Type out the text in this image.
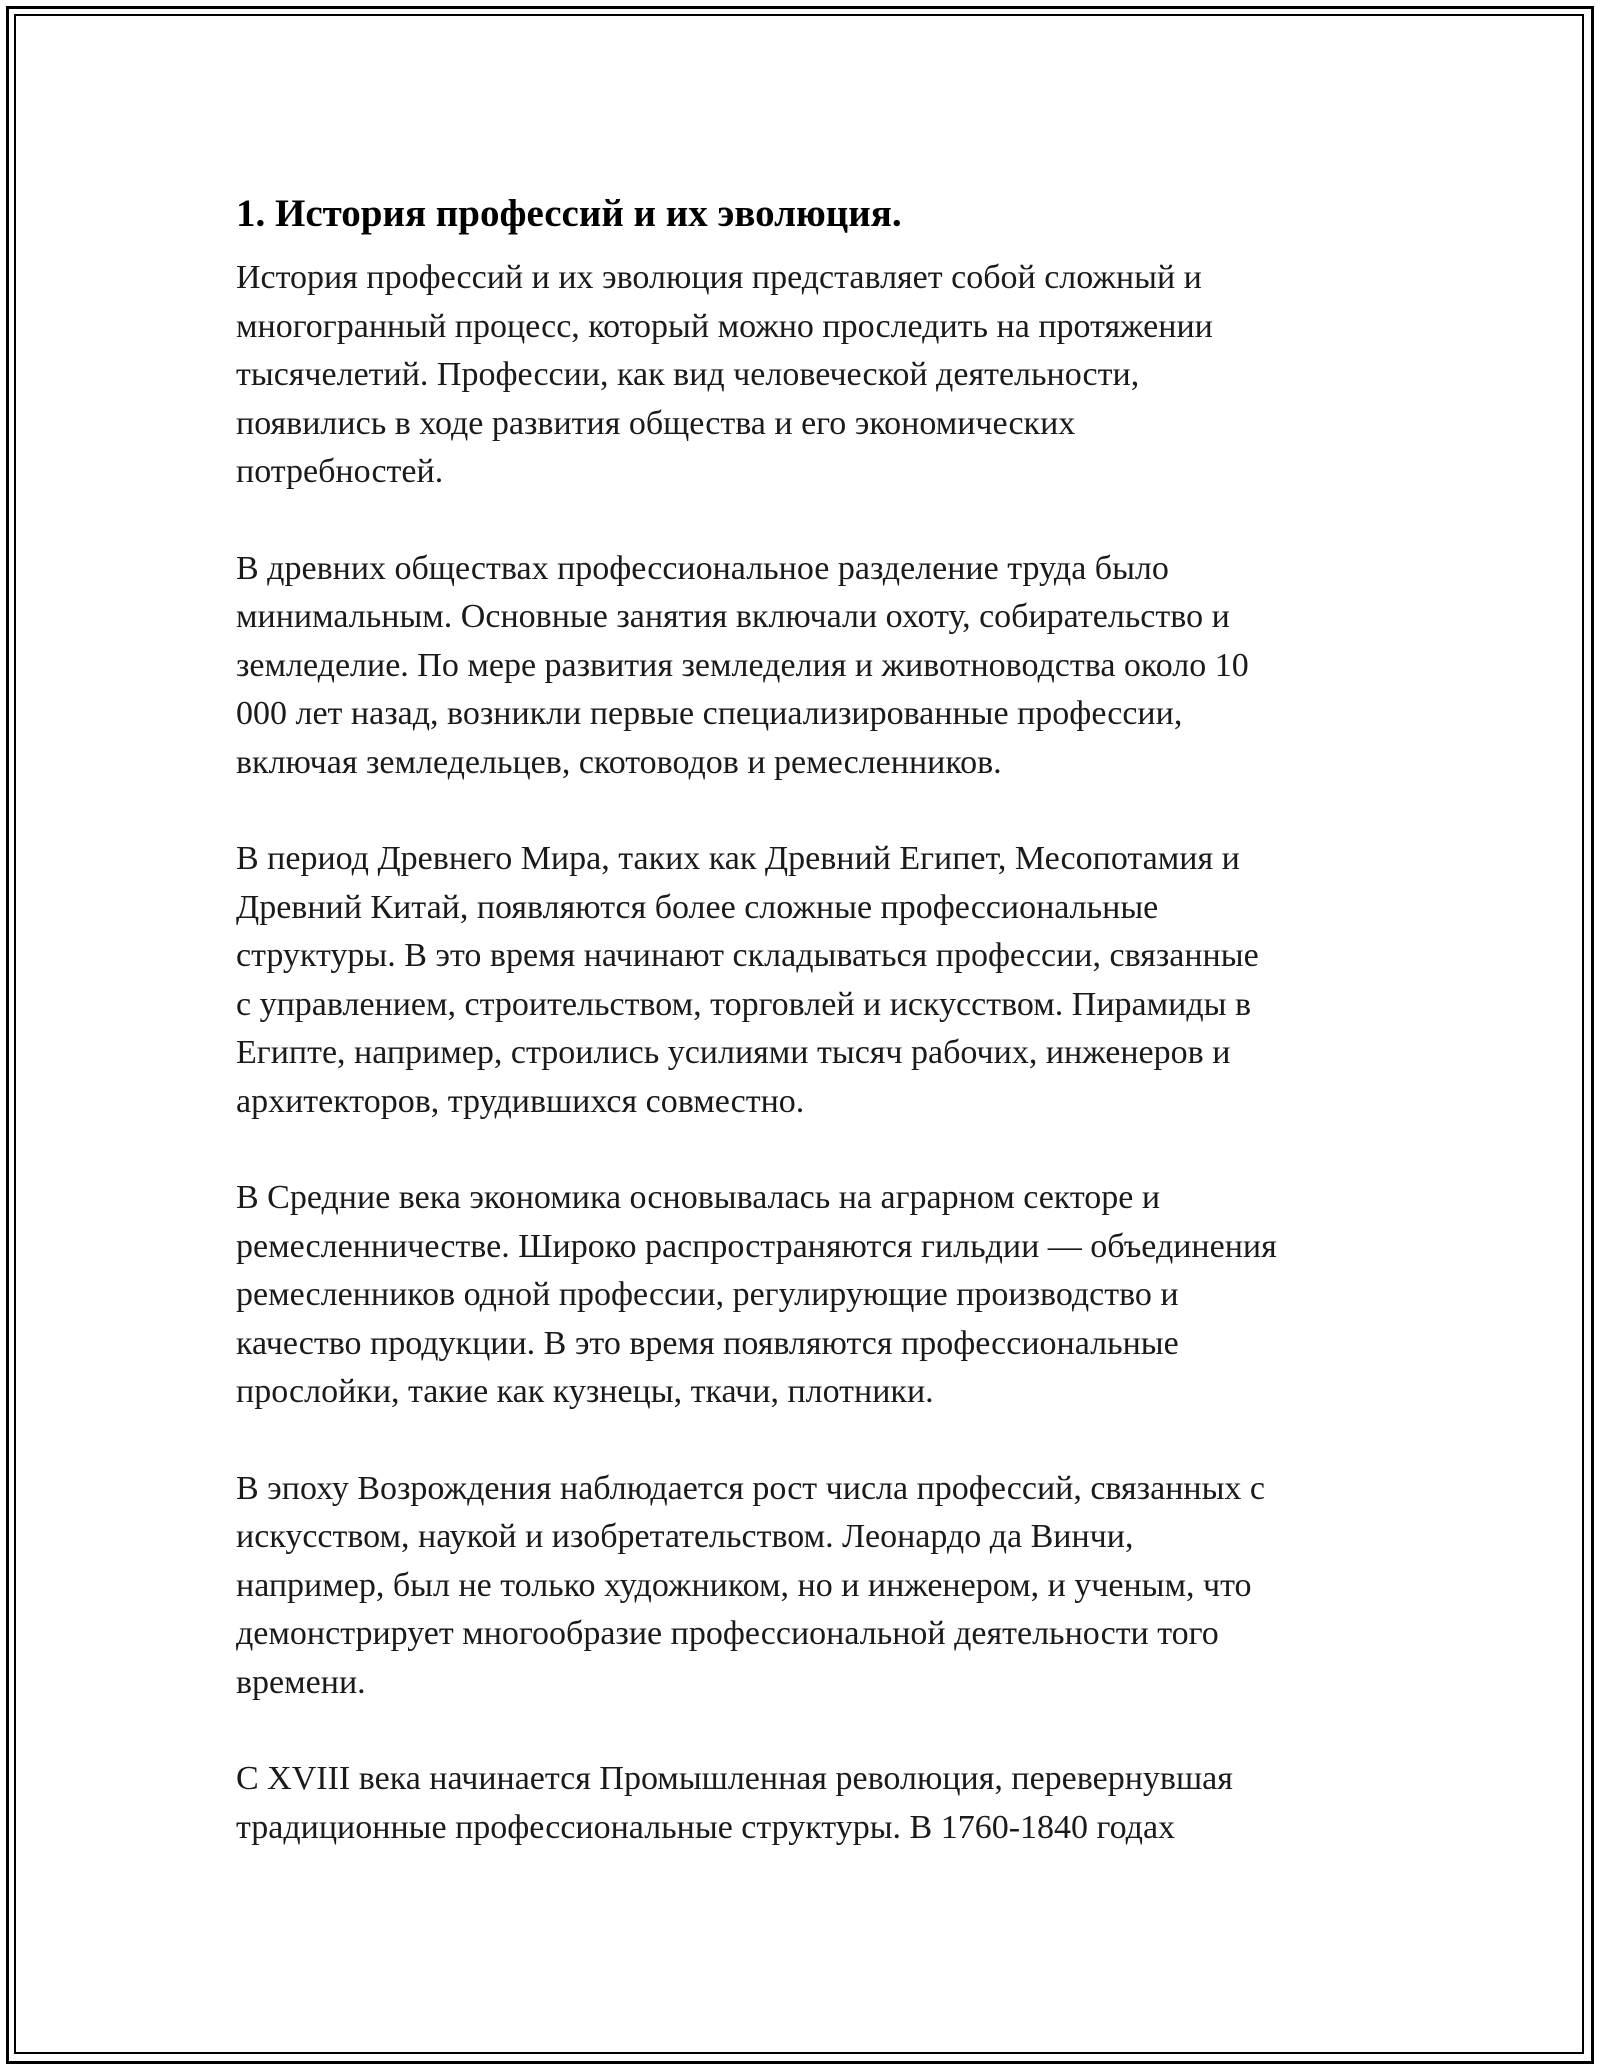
1. История профессий и их эволюция.

История профессий и их эволюция представляет собой сложный и
многогранный процесс, который можно проследить на протяжении
тысячелетий. Профессии, как вид человеческой деятельности,
появились в ходе развития общества и его экономических
потребностей.

В древних обществах профессиональное разделение труда было
минимальным. Основные занятия включали охоту, собирательство и
земледелие. По мере развития земледелия и животноводства около 10
000 лет назад, возникли первые специализированные профессии,
включая земледельцев, скотоводов и ремесленников.

В период Древнего Мира, таких как Древний Египет, Месопотамия и
Древний Китай, появляются более сложные профессиональные
структуры. В это время начинают складываться профессии, связанные
с управлением, строительством, торговлей и искусством. Пирамиды в
Египте, например, строились усилиями тысяч рабочих, инженеров и
архитекторов, трудившихся совместно.

В Средние века экономика основывалась на аграрном секторе и
ремесленничестве. Широко распространяются гильдии — объединения
ремесленников одной профессии, регулирующие производство и
качество продукции. В это время появляются профессиональные
прослойки, такие как кузнецы, ткачи, плотники.

В эпоху Возрождения наблюдается рост числа профессий, связанных с
искусством, наукой и изобретательством. Леонардо да Винчи,
например, был не только художником, но и инженером, и ученым, что
демонстрирует многообразие профессиональной деятельности того
времени.

С XVIII века начинается Промышленная революция, перевернувшая
традиционные профессиональные структуры. В 1760-1840 годах
